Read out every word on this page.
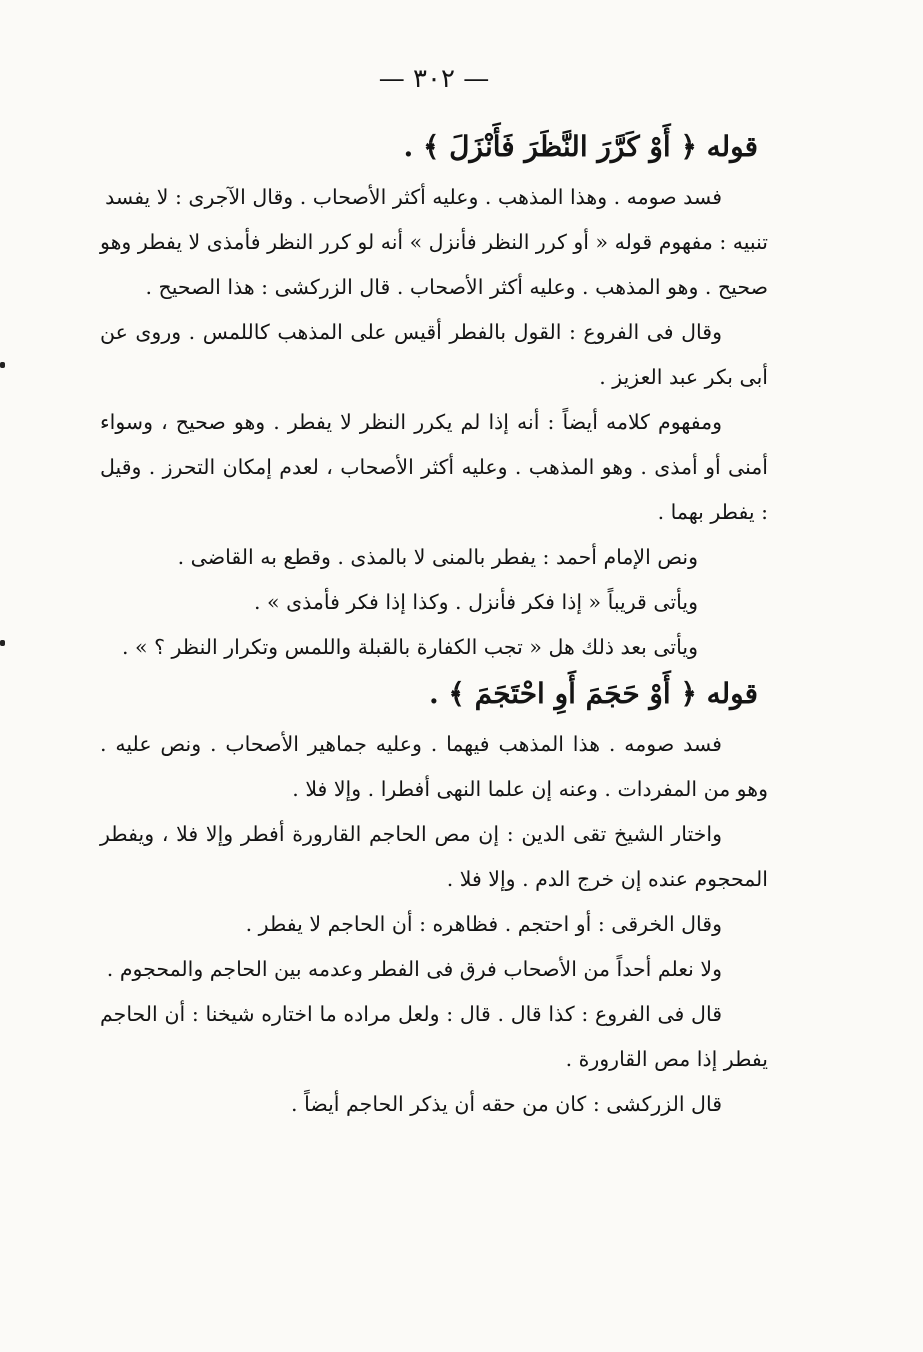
— ٣٠٢ —
قوله ﴿ أَوْ كَرَّرَ النَّظَرَ فَأَنْزَلَ ﴾ .

فسد صومه . وهذا المذهب . وعليه أكثر الأصحاب . وقال الآجرى : لا يفسد

تنبيه : مفهوم قوله « أو كرر النظر فأنزل » أنه لو كرر النظر فأمذى لا يفطر وهو صحيح . وهو المذهب . وعليه أكثر الأصحاب . قال الزركشى : هذا الصحيح .

وقال فى الفروع : القول بالفطر أقيس على المذهب كاللمس . وروى عن أبى بكر عبد العزيز .

ومفهوم كلامه أيضاً : أنه إذا لم يكرر النظر لا يفطر . وهو صحيح ، وسواء أمنى أو أمذى . وهو المذهب . وعليه أكثر الأصحاب ، لعدم إمكان التحرز . وقيل : يفطر بهما .

ونص الإمام أحمد : يفطر بالمنى لا بالمذى . وقطع به القاضى .

ويأتى قريباً « إذا فكر فأنزل . وكذا إذا فكر فأمذى » .

ويأتى بعد ذلك هل « تجب الكفارة بالقبلة واللمس وتكرار النظر ؟ » .

قوله ﴿ أَوْ حَجَمَ أَوِ احْتَجَمَ ﴾ .

فسد صومه . هذا المذهب فيهما . وعليه جماهير الأصحاب . ونص عليه . وهو من المفردات . وعنه إن علما النهى أفطرا . وإلا فلا .

واختار الشيخ تقى الدين : إن مص الحاجم القارورة أفطر وإلا فلا ، ويفطر المحجوم عنده إن خرج الدم . وإلا فلا .

وقال الخرقى : أو احتجم . فظاهره : أن الحاجم لا يفطر .

ولا نعلم أحداً من الأصحاب فرق فى الفطر وعدمه بين الحاجم والمحجوم .

قال فى الفروع : كذا قال . قال : ولعل مراده ما اختاره شيخنا : أن الحاجم يفطر إذا مص القارورة .

قال الزركشى : كان من حقه أن يذكر الحاجم أيضاً .
